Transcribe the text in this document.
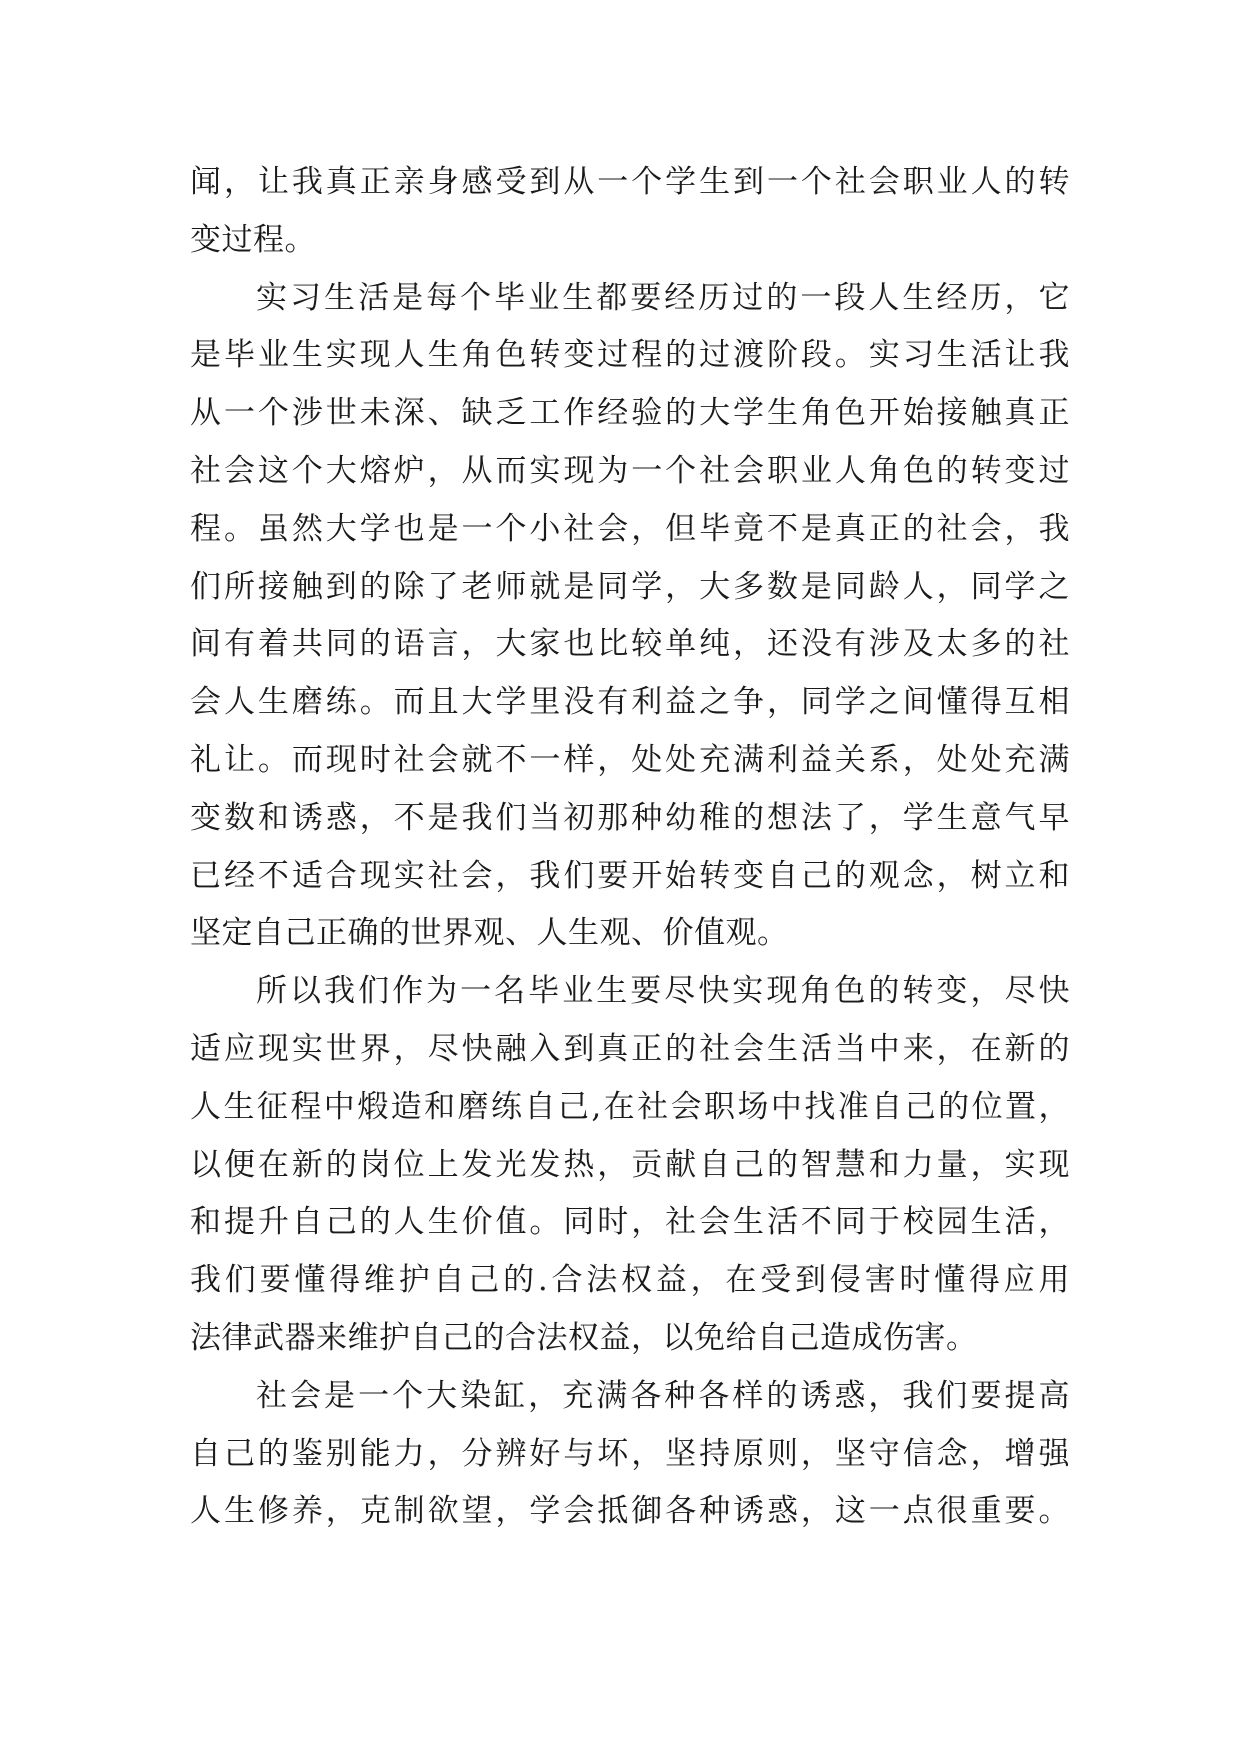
闻，让我真正亲身感受到从一个学生到一个社会职业人的转
变过程。
实习生活是每个毕业生都要经历过的一段人生经历，它
是毕业生实现人生角色转变过程的过渡阶段。实习生活让我
从一个涉世未深、缺乏工作经验的大学生角色开始接触真正
社会这个大熔炉，从而实现为一个社会职业人角色的转变过
程。虽然大学也是一个小社会，但毕竟不是真正的社会，我
们所接触到的除了老师就是同学，大多数是同龄人，同学之
间有着共同的语言，大家也比较单纯，还没有涉及太多的社
会人生磨练。而且大学里没有利益之争，同学之间懂得互相
礼让。而现时社会就不一样，处处充满利益关系，处处充满
变数和诱惑，不是我们当初那种幼稚的想法了，学生意气早
已经不适合现实社会，我们要开始转变自己的观念，树立和
坚定自己正确的世界观、人生观、价值观。
所以我们作为一名毕业生要尽快实现角色的转变，尽快
适应现实世界，尽快融入到真正的社会生活当中来，在新的
人生征程中煅造和磨练自己,在社会职场中找准自己的位置，
以便在新的岗位上发光发热，贡献自己的智慧和力量，实现
和提升自己的人生价值。同时，社会生活不同于校园生活，
我们要懂得维护自己的.合法权益，在受到侵害时懂得应用
法律武器来维护自己的合法权益，以免给自己造成伤害。
社会是一个大染缸，充满各种各样的诱惑，我们要提高
自己的鉴别能力，分辨好与坏，坚持原则，坚守信念，增强
人生修养，克制欲望，学会抵御各种诱惑，这一点很重要。
